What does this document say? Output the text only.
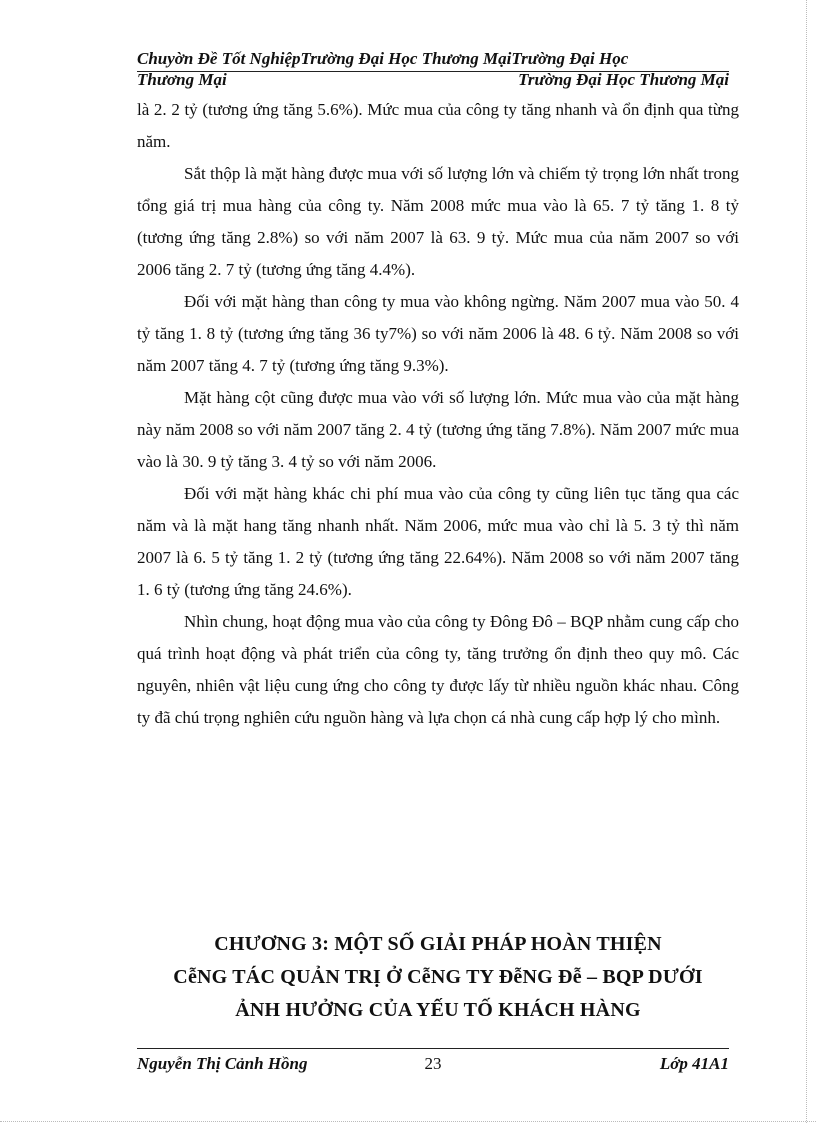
Chuyờn Đề Tốt NghiệpTrường Đại Học Thương MạiTrường Đại Học
Thương Mại	Trường Đại Học Thương Mại

là 2. 2 tỷ (tương ứng tăng 5.6%). Mức mua của công ty tăng nhanh và ổn định qua từng năm.

Sắt thộp là mặt hàng được mua với số lượng lớn và chiếm tỷ trọng lớn nhất trong tổng giá trị mua hàng của công ty. Năm 2008 mức mua vào là 65. 7 tỷ tăng 1. 8 tỷ (tương ứng tăng 2.8%) so với năm 2007 là 63. 9 tỷ. Mức mua của năm 2007 so với 2006 tăng 2. 7 tỷ (tương ứng tăng 4.4%).

Đối với mặt hàng than công ty mua vào không ngừng. Năm 2007 mua vào 50. 4 tỷ tăng 1. 8 tỷ (tương ứng tăng 36 ty7%) so với năm 2006 là 48. 6 tỷ. Năm 2008 so với năm 2007 tăng 4. 7 tỷ (tương ứng tăng 9.3%).

Mặt hàng cột cũng được mua vào với số lượng lớn. Mức mua vào của mặt hàng này năm 2008 so với năm 2007 tăng 2. 4 tỷ (tương ứng tăng 7.8%). Năm 2007 mức mua vào là 30. 9 tỷ tăng 3. 4 tỷ so với năm 2006.

Đối với mặt hàng khác chi phí mua vào của công ty cũng liên tục tăng qua các năm và là mặt hang tăng nhanh nhất. Năm 2006, mức mua vào chỉ là 5. 3 tỷ thì năm 2007 là 6. 5 tỷ tăng 1. 2 tỷ (tương ứng tăng 22.64%). Năm 2008 so với năm 2007 tăng 1. 6 tỷ (tương ứng tăng 24.6%).

Nhìn chung, hoạt động mua vào của công ty Đông Đô – BQP nhằm cung cấp cho quá trình hoạt động và phát triển của công ty, tăng trưởng ổn định theo quy mô. Các nguyên, nhiên vật liệu cung ứng cho công ty được lấy từ nhiều nguồn khác nhau. Công ty đã chú trọng nghiên cứu nguồn hàng và lựa chọn cá nhà cung cấp hợp lý cho mình.

CHƯƠNG 3: MỘT SỐ GIẢI PHÁP HOÀN THIỆN
CễNG TÁC QUẢN TRỊ Ở CễNG TY ĐễNG Đễ – BQP DƯỚI
ẢNH HƯỞNG CỦA YẾU TỐ KHÁCH HÀNG
Nguyễn Thị Cảnh Hồng	23	Lớp 41A1
